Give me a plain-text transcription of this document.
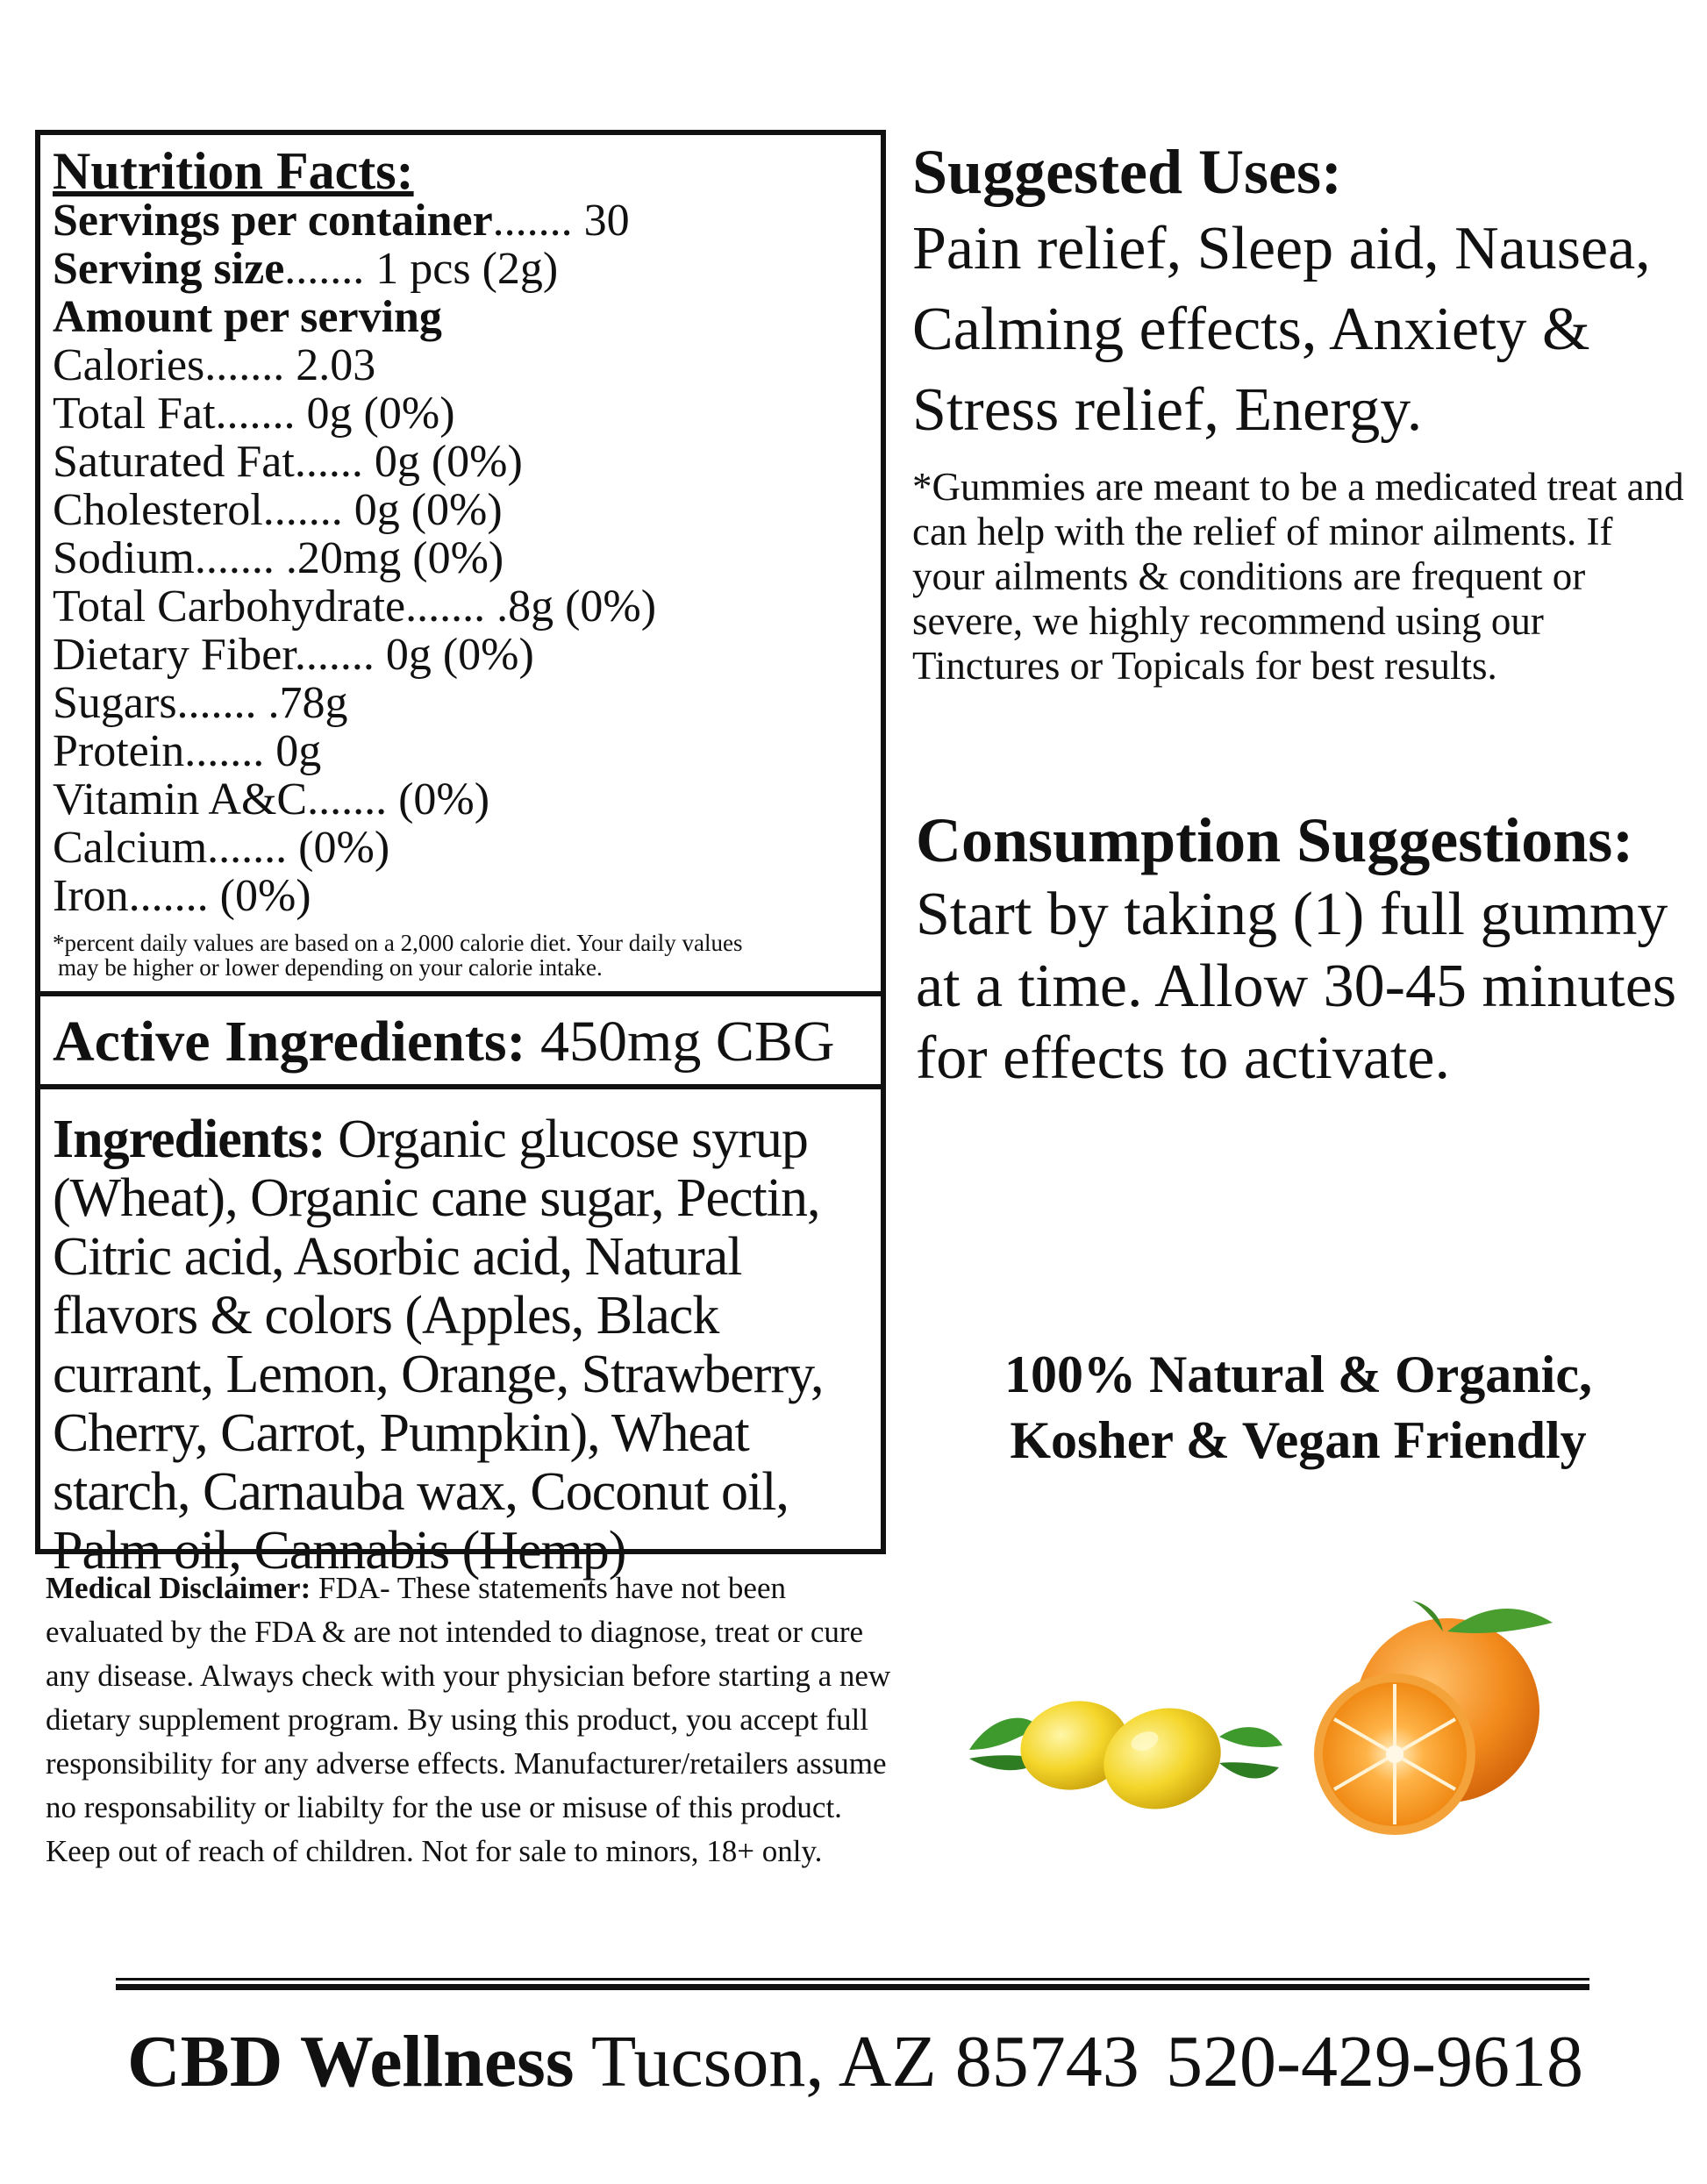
Nutrition Facts:
Servings per container....... 30
Serving size....... 1 pcs (2g)
Amount per serving
Calories....... 2.03
Total Fat....... 0g (0%)
Saturated Fat...... 0g (0%)
Cholesterol....... 0g (0%)
Sodium....... .20mg (0%)
Total Carbohydrate....... .8g (0%)
Dietary Fiber....... 0g (0%)
Sugars....... .78g
Protein....... 0g
Vitamin A&C....... (0%)
Calcium....... (0%)
Iron....... (0%)
*percent daily values are based on a 2,000 calorie diet. Your daily values
may be higher or lower depending on your calorie intake.
Active Ingredients: 450mg CBG
Ingredients: Organic glucose syrup (Wheat), Organic cane sugar, Pectin, Citric acid, Asorbic acid, Natural flavors & colors (Apples, Black currant, Lemon, Orange, Strawberry, Cherry, Carrot, Pumpkin), Wheat starch, Carnauba wax, Coconut oil, Palm oil, Cannabis (Hemp)
Medical Disclaimer: FDA- These statements have not been evaluated by the FDA & are not intended to diagnose, treat or cure any disease. Always check with your physician before starting a new dietary supplement program. By using this product, you accept full responsibility for any adverse effects. Manufacturer/retailers assume no responsability or liabilty for the use or misuse of this product.
Keep out of reach of children. Not for sale to minors, 18+ only.
Suggested Uses:
Pain relief, Sleep aid, Nausea, Calming effects, Anxiety & Stress relief, Energy.
*Gummies are meant to be a medicated treat and can help with the relief of minor ailments. If your ailments & conditions are frequent or severe, we highly recommend using our Tinctures or Topicals for best results.
Consumption Suggestions:
Start by taking (1) full gummy at a time. Allow 30-45 minutes for effects to activate.
100% Natural & Organic,
Kosher & Vegan Friendly
CBD Wellness Tucson, AZ 85743 520-429-9618
